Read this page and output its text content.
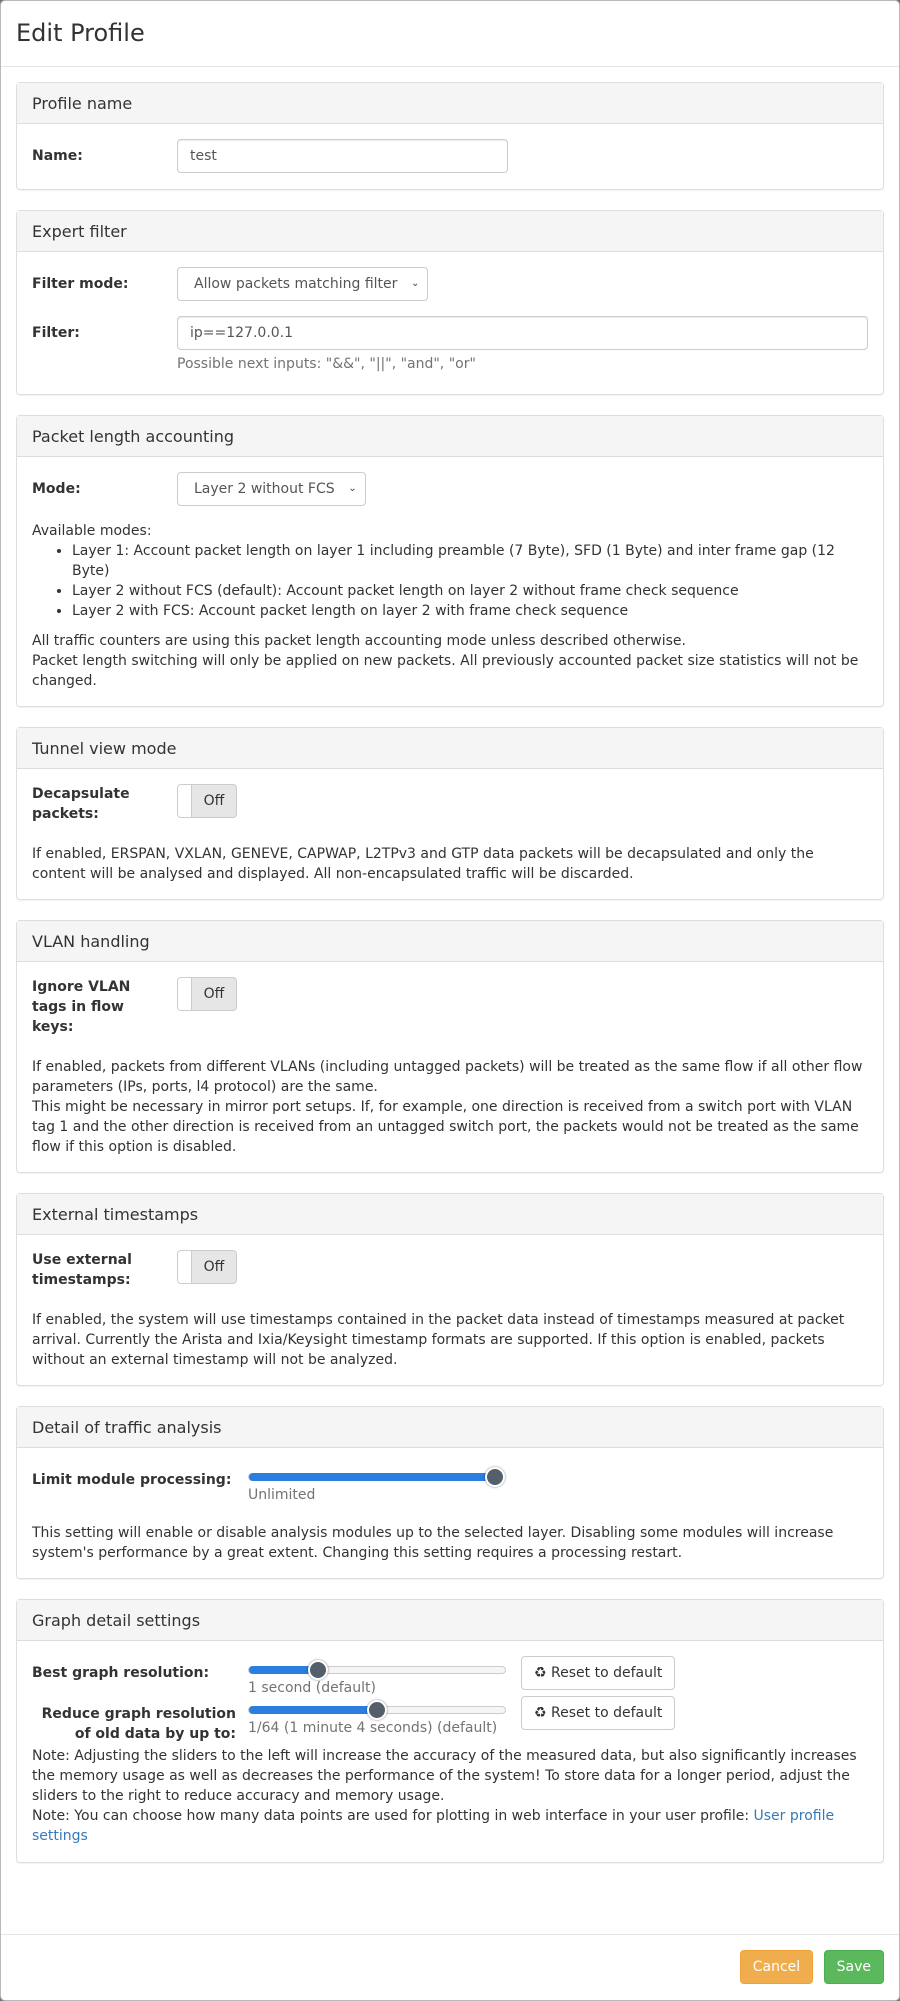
Edit Profile
Profile name
Name:	test
Expert filter
Filter mode:	Allow packets matching filter ⌄
Filter:	ip==127.0.0.1
Possible next inputs: "&&", "||", "and", "or"
Packet length accounting
Mode:	Layer 2 without FCS ⌄

Available modes:

• Layer 1: Account packet length on layer 1 including preamble (7 Byte), SFD (1 Byte) and inter frame gap (12 Byte)
• Layer 2 without FCS (default): Account packet length on layer 2 without frame check sequence
• Layer 2 with FCS: Account packet length on layer 2 with frame check sequence

All traffic counters are using this packet length accounting mode unless described otherwise.

Packet length switching will only be applied on new packets. All previously accounted packet size statistics will not be changed.

Tunnel view mode
Decapsulate packets:
Off

If enabled, ERSPAN, VXLAN, GENEVE, CAPWAP, L2TPv3 and GTP data packets will be decapsulated and only the content will be analysed and displayed. All non-encapsulated traffic will be discarded.

VLAN handling
Ignore VLAN tags in flow keys:
Off

If enabled, packets from different VLANs (including untagged packets) will be treated as the same flow if all other flow parameters (IPs, ports, l4 protocol) are the same.

This might be necessary in mirror port setups. If, for example, one direction is received from a switch port with VLAN tag 1 and the other direction is received from an untagged switch port, the packets would not be treated as the same flow if this option is disabled.

External timestamps
Use external timestamps:
Off

If enabled, the system will use timestamps contained in the packet data instead of timestamps measured at packet arrival. Currently the Arista and Ixia/Keysight timestamp formats are supported. If this option is enabled, packets without an external timestamp will not be analyzed.

Detail of traffic analysis
Limit module processing:
Unlimited

This setting will enable or disable analysis modules up to the selected layer. Disabling some modules will increase system's performance by a great extent. Changing this setting requires a processing restart.

Graph detail settings
Best graph resolution:
1 second (default)
♻ Reset to default
Reduce graph resolution of old data by up to: 1/64 (1 minute 4 seconds) (default)
♻ Reset to default

Note: Adjusting the sliders to the left will increase the accuracy of the measured data, but also significantly increases the memory usage as well as decreases the performance of the system! To store data for a longer period, adjust the sliders to the right to reduce accuracy and memory usage.

Note: You can choose how many data points are used for plotting in web interface in your user profile: User profile settings

Cancel	Save
